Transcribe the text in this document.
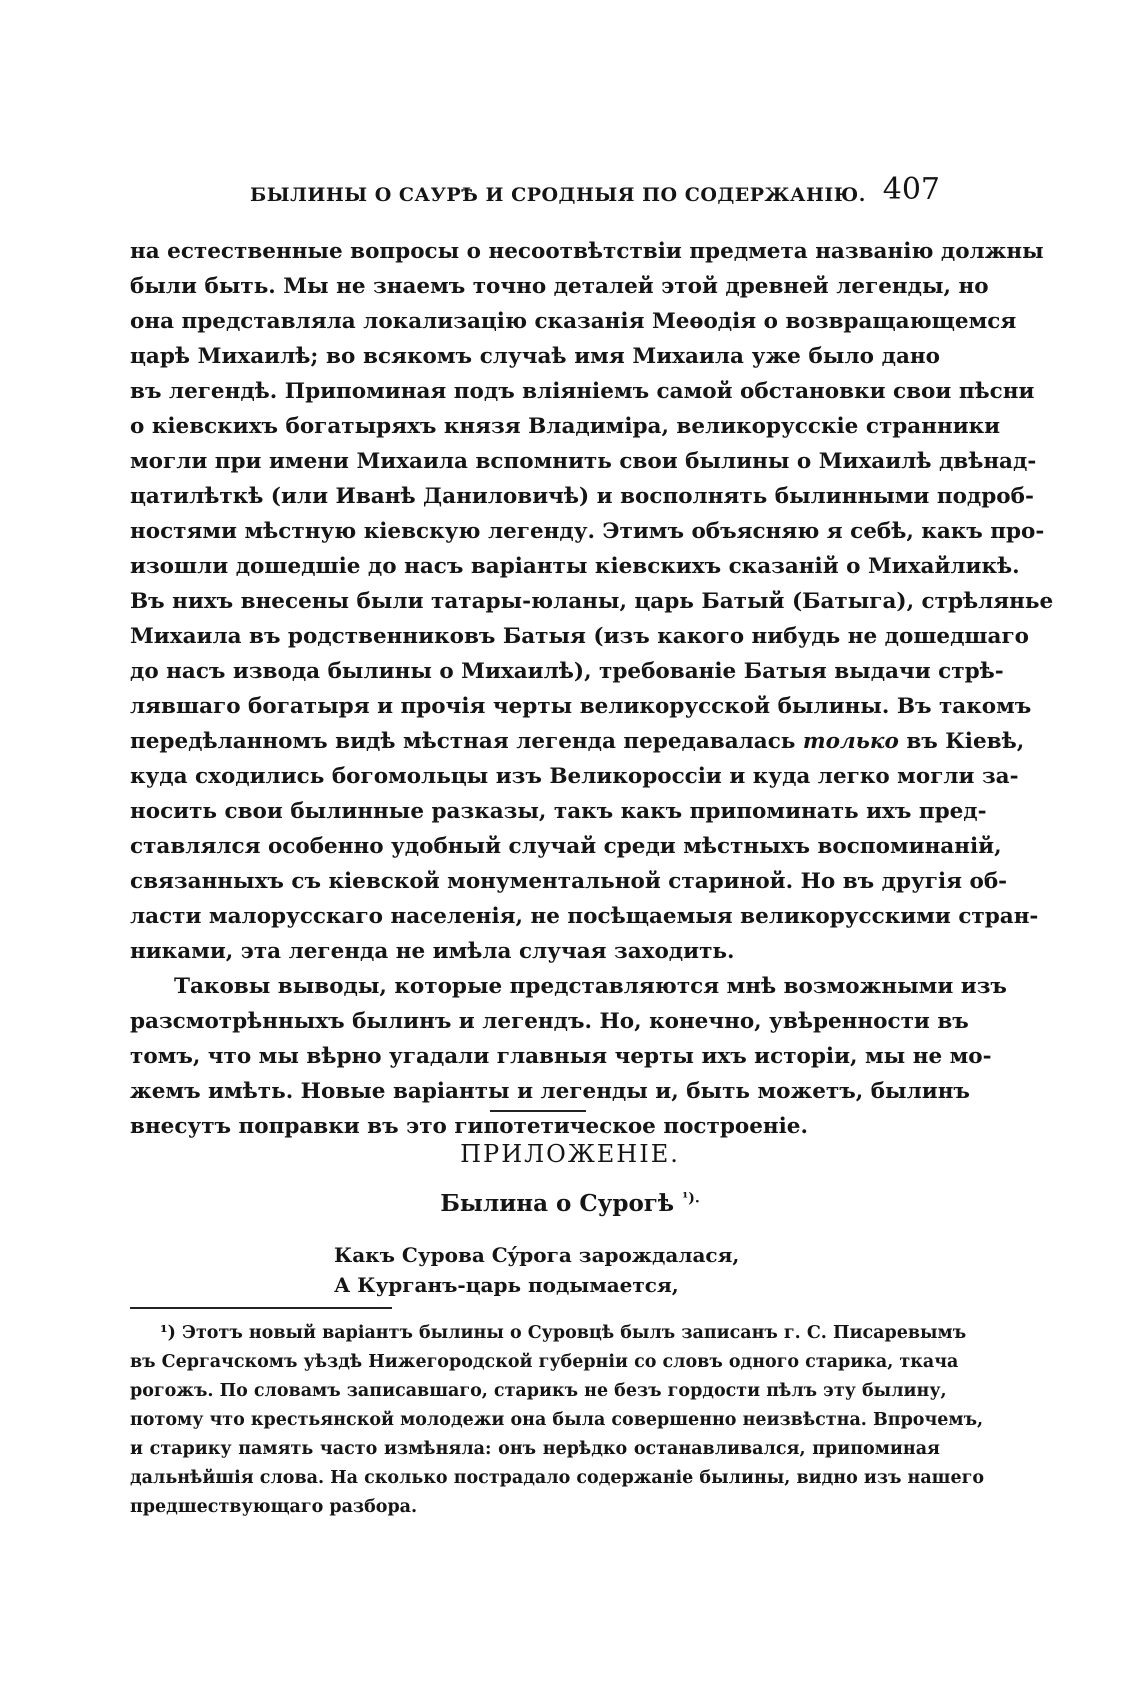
БЫЛИНЫ О САУРѢ И СРОДНЫЯ ПО СОДЕРЖАНІЮ. 407
на естественные вопросы о несоотвѣтствіи предмета названію должны
были быть. Мы не знаемъ точно деталей этой древней легенды, но
она представляла локализацію сказанія Меѳодія о возвращающемся
царѣ Михаилѣ; во всякомъ случаѣ имя Михаила уже было дано
въ легендѣ. Припоминая подъ вліяніемъ самой обстановки свои пѣсни
о кіевскихъ богатыряхъ князя Владиміра, великорусскіе странники
могли при имени Михаила вспомнить свои былины о Михаилѣ двѣнад-
цатилѣткѣ (или Иванѣ Даниловичѣ) и восполнять былинными подроб-
ностями мѣстную кіевскую легенду. Этимъ объясняю я себѣ, какъ про-
изошли дошедшіе до насъ варіанты кіевскихъ сказаній о Михайликѣ.
Въ нихъ внесены были татары-юланы, царь Батый (Батыга), стрѣлянье
Михаила въ родственниковъ Батыя (изъ какого нибудь не дошедшаго
до насъ извода былины о Михаилѣ), требованіе Батыя выдачи стрѣ-
лявшаго богатыря и прочія черты великорусской былины. Въ такомъ
передѣланномъ видѣ мѣстная легенда передавалась только въ Кіевѣ,
куда сходились богомольцы изъ Великороссіи и куда легко могли за-
носить свои былинные разказы, такъ какъ припоминать ихъ пред-
ставлялся особенно удобный случай среди мѣстныхъ воспоминаній,
связанныхъ съ кіевской монументальной стариной. Но въ другія об-
ласти малорусскаго населенія, не посѣщаемыя великорусскими стран-
никами, эта легенда не имѣла случая заходить.
Таковы выводы, которые представляются мнѣ возможными изъ
разсмотрѣнныхъ былинъ и легендъ. Но, конечно, увѣренности въ
томъ, что мы вѣрно угадали главныя черты ихъ исторіи, мы не мо-
жемъ имѣть. Новые варіанты и легенды и, быть можетъ, былинъ
внесутъ поправки въ это гипотетическое построеніе.
ПРИЛОЖЕНІЕ.
Былина о Сурогѣ $^{^1).}$
Какъ Сурова Сýрога зарождалася,
А Курганъ-царь подымается,
¹) Этотъ новый варіантъ былины о Суровцѣ былъ записанъ г. С. Писаревымъ
въ Сергачскомъ уѣздѣ Нижегородской губерніи со словъ одного старика, ткача
рогожъ. По словамъ записавшаго, старикъ не безъ гордости пѣлъ эту былину,
потому что крестьянской молодежи она была совершенно неизвѣстна. Впрочемъ,
и старику память часто измѣняла: онъ нерѣдко останавливался, припоминая
дальнѣйшія слова. На сколько пострадало содержаніе былины, видно изъ нашего
предшествующаго разбора.
